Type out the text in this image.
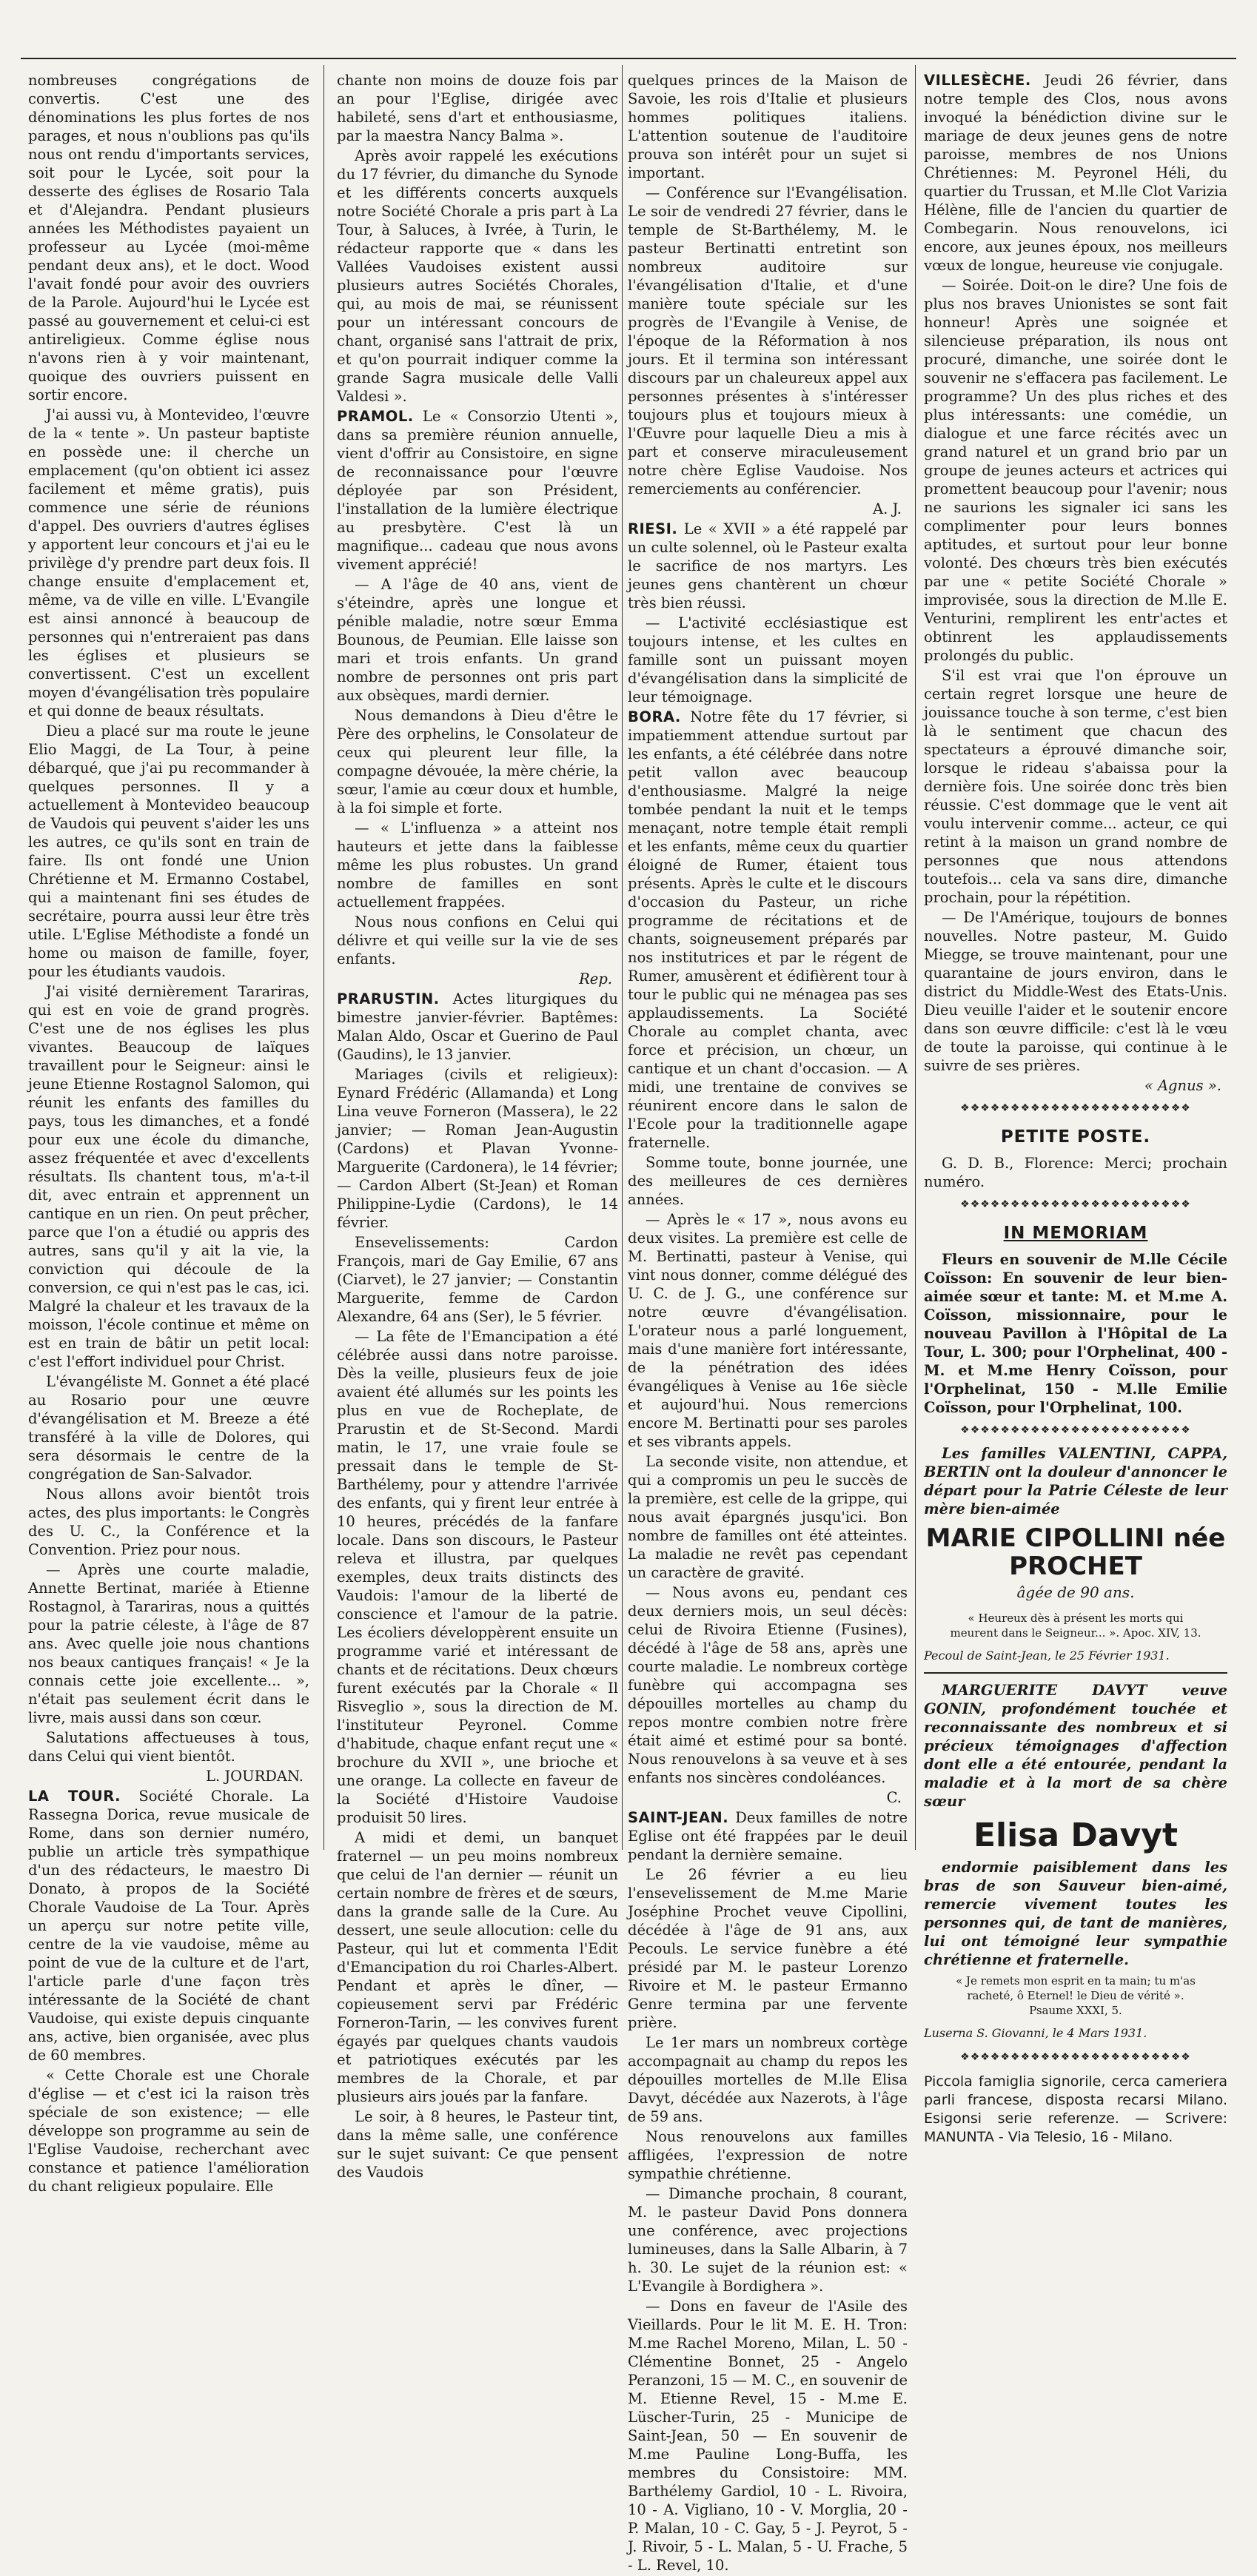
nombreuses congrégations de convertis. C'est une des dénominations les plus fortes de nos parages, et nous n'oublions pas qu'ils nous ont rendu d'importants services, soit pour le Lycée, soit pour la desserte des églises de Rosario Tala et d'Alejandra. Pendant plusieurs années les Méthodistes payaient un professeur au Lycée (moi-même pendant deux ans), et le doct. Wood l'avait fondé pour avoir des ouvriers de la Parole. Aujourd'hui le Lycée est passé au gouvernement et celui-ci est antireligieux. Comme église nous n'avons rien à y voir maintenant, quoique des ouvriers puissent en sortir encore.

J'ai aussi vu, à Montevideo, l'œuvre de la « tente ». Un pasteur baptiste en possède une: il cherche un emplacement (qu'on obtient ici assez facilement et même gratis), puis commence une série de réunions d'appel. Des ouvriers d'autres églises y apportent leur concours et j'ai eu le privilège d'y prendre part deux fois. Il change ensuite d'emplacement et, même, va de ville en ville. L'Evangile est ainsi annoncé à beaucoup de personnes qui n'entreraient pas dans les églises et plusieurs se convertissent. C'est un excellent moyen d'évangélisation très populaire et qui donne de beaux résultats.

Dieu a placé sur ma route le jeune Elio Maggi, de La Tour, à peine débarqué, que j'ai pu recommander à quelques personnes. Il y a actuellement à Montevideo beaucoup de Vaudois qui peuvent s'aider les uns les autres, ce qu'ils sont en train de faire. Ils ont fondé une Union Chrétienne et M. Ermanno Costabel, qui a maintenant fini ses études de secrétaire, pourra aussi leur être très utile. L'Eglise Méthodiste a fondé un home ou maison de famille, foyer, pour les étudiants vaudois.

J'ai visité dernièrement Tarariras, qui est en voie de grand progrès. C'est une de nos églises les plus vivantes. Beaucoup de laïques travaillent pour le Seigneur: ainsi le jeune Etienne Rostagnol Salomon, qui réunit les enfants des familles du pays, tous les dimanches, et a fondé pour eux une école du dimanche, assez fréquentée et avec d'excellents résultats. Ils chantent tous, m'a-t-il dit, avec entrain et apprennent un cantique en un rien. On peut prêcher, parce que l'on a étudié ou appris des autres, sans qu'il y ait la vie, la conviction qui découle de la conversion, ce qui n'est pas le cas, ici. Malgré la chaleur et les travaux de la moisson, l'école continue et même on est en train de bâtir un petit local: c'est l'effort individuel pour Christ.

L'évangéliste M. Gonnet a été placé au Rosario pour une œuvre d'évangélisation et M. Breeze a été transféré à la ville de Dolores, qui sera désormais le centre de la congrégation de San-Salvador.

Nous allons avoir bientôt trois actes, des plus importants: le Congrès des U. C., la Conférence et la Convention. Priez pour nous.

— Après une courte maladie, Annette Bertinat, mariée à Etienne Rostagnol, à Tarariras, nous a quittés pour la patrie céleste, à l'âge de 87 ans. Avec quelle joie nous chantions nos beaux cantiques français! « Je la connais cette joie excellente... », n'était pas seulement écrit dans le livre, mais aussi dans son cœur.

Salutations affectueuses à tous, dans Celui qui vient bientôt.

L. JOURDAN.

LA TOUR. Société Chorale. La Rassegna Dorica, revue musicale de Rome, dans son dernier numéro, publie un article très sympathique d'un des rédacteurs, le maestro Di Donato, à propos de la Société Chorale Vaudoise de La Tour. Après un aperçu sur notre petite ville, centre de la vie vaudoise, même au point de vue de la culture et de l'art, l'article parle d'une façon très intéressante de la Société de chant Vaudoise, qui existe depuis cinquante ans, active, bien organisée, avec plus de 60 membres.

« Cette Chorale est une Chorale d'église — et c'est ici la raison très spéciale de son existence; — elle développe son programme au sein de l'Eglise Vaudoise, recherchant avec constance et patience l'amélioration du chant religieux populaire. Elle

chante non moins de douze fois par an pour l'Eglise, dirigée avec habileté, sens d'art et enthousiasme, par la maestra Nancy Balma ».

Après avoir rappelé les exécutions du 17 février, du dimanche du Synode et les différents concerts auxquels notre Société Chorale a pris part à La Tour, à Saluces, à Ivrée, à Turin, le rédacteur rapporte que « dans les Vallées Vaudoises existent aussi plusieurs autres Sociétés Chorales, qui, au mois de mai, se réunissent pour un intéressant concours de chant, organisé sans l'attrait de prix, et qu'on pourrait indiquer comme la grande Sagra musicale delle Valli Valdesi ».

PRAMOL. Le « Consorzio Utenti », dans sa première réunion annuelle, vient d'offrir au Consistoire, en signe de reconnaissance pour l'œuvre déployée par son Président, l'installation de la lumière électrique au presbytère. C'est là un magnifique... cadeau que nous avons vivement apprécié!

— A l'âge de 40 ans, vient de s'éteindre, après une longue et pénible maladie, notre sœur Emma Bounous, de Peumian. Elle laisse son mari et trois enfants. Un grand nombre de personnes ont pris part aux obsèques, mardi dernier.

Nous demandons à Dieu d'être le Père des orphelins, le Consolateur de ceux qui pleurent leur fille, la compagne dévouée, la mère chérie, la sœur, l'amie au cœur doux et humble, à la foi simple et forte.

— « L'influenza » a atteint nos hauteurs et jette dans la faiblesse même les plus robustes. Un grand nombre de familles en sont actuellement frappées.

Nous nous confions en Celui qui délivre et qui veille sur la vie de ses enfants.

Rep.

PRARUSTIN. Actes liturgiques du bimestre janvier-février. Baptêmes: Malan Aldo, Oscar et Guerino de Paul (Gaudins), le 13 janvier.

Mariages (civils et religieux): Eynard Frédéric (Allamanda) et Long Lina veuve Forneron (Massera), le 22 janvier; — Roman Jean-Augustin (Cardons) et Plavan Yvonne-Marguerite (Cardonera), le 14 février; — Cardon Albert (St-Jean) et Roman Philippine-Lydie (Cardons), le 14 février.

Ensevelissements: Cardon François, mari de Gay Emilie, 67 ans (Ciarvet), le 27 janvier; — Constantin Marguerite, femme de Cardon Alexandre, 64 ans (Ser), le 5 février.

— La fête de l'Emancipation a été célébrée aussi dans notre paroisse. Dès la veille, plusieurs feux de joie avaient été allumés sur les points les plus en vue de Rocheplate, de Prarustin et de St-Second. Mardi matin, le 17, une vraie foule se pressait dans le temple de St-Barthélemy, pour y attendre l'arrivée des enfants, qui y firent leur entrée à 10 heures, précédés de la fanfare locale. Dans son discours, le Pasteur releva et illustra, par quelques exemples, deux traits distincts des Vaudois: l'amour de la liberté de conscience et l'amour de la patrie. Les écoliers développèrent ensuite un programme varié et intéressant de chants et de récitations. Deux chœurs furent exécutés par la Chorale « Il Risveglio », sous la direction de M. l'instituteur Peyronel. Comme d'habitude, chaque enfant reçut une « brochure du XVII », une brioche et une orange. La collecte en faveur de la Société d'Histoire Vaudoise produisit 50 lires.

A midi et demi, un banquet fraternel — un peu moins nombreux que celui de l'an dernier — réunit un certain nombre de frères et de sœurs, dans la grande salle de la Cure. Au dessert, une seule allocution: celle du Pasteur, qui lut et commenta l'Edit d'Emancipation du roi Charles-Albert. Pendant et après le dîner, — copieusement servi par Frédéric Forneron-Tarin, — les convives furent égayés par quelques chants vaudois et patriotiques exécutés par les membres de la Chorale, et par plusieurs airs joués par la fanfare.

Le soir, à 8 heures, le Pasteur tint, dans la même salle, une conférence sur le sujet suivant: Ce que pensent des Vaudois

quelques princes de la Maison de Savoie, les rois d'Italie et plusieurs hommes politiques italiens. L'attention soutenue de l'auditoire prouva son intérêt pour un sujet si important.

— Conférence sur l'Evangélisation. Le soir de vendredi 27 février, dans le temple de St-Barthélemy, M. le pasteur Bertinatti entretint son nombreux auditoire sur l'évangélisation d'Italie, et d'une manière toute spéciale sur les progrès de l'Evangile à Venise, de l'époque de la Réformation à nos jours. Et il termina son intéressant discours par un chaleureux appel aux personnes présentes à s'intéresser toujours plus et toujours mieux à l'Œuvre pour laquelle Dieu a mis à part et conserve miraculeusement notre chère Eglise Vaudoise. Nos remerciements au conférencier.

A. J.

RIESI. Le « XVII » a été rappelé par un culte solennel, où le Pasteur exalta le sacrifice de nos martyrs. Les jeunes gens chantèrent un chœur très bien réussi.

— L'activité ecclésiastique est toujours intense, et les cultes en famille sont un puissant moyen d'évangélisation dans la simplicité de leur témoignage.

BORA. Notre fête du 17 février, si impatiemment attendue surtout par les enfants, a été célébrée dans notre petit vallon avec beaucoup d'enthousiasme. Malgré la neige tombée pendant la nuit et le temps menaçant, notre temple était rempli et les enfants, même ceux du quartier éloigné de Rumer, étaient tous présents. Après le culte et le discours d'occasion du Pasteur, un riche programme de récitations et de chants, soigneusement préparés par nos institutrices et par le régent de Rumer, amusèrent et édifièrent tour à tour le public qui ne ménagea pas ses applaudissements. La Société Chorale au complet chanta, avec force et précision, un chœur, un cantique et un chant d'occasion. — A midi, une trentaine de convives se réunirent encore dans le salon de l'Ecole pour la traditionnelle agape fraternelle.

Somme toute, bonne journée, une des meilleures de ces dernières années.

— Après le « 17 », nous avons eu deux visites. La première est celle de M. Bertinatti, pasteur à Venise, qui vint nous donner, comme délégué des U. C. de J. G., une conférence sur notre œuvre d'évangélisation. L'orateur nous a parlé longuement, mais d'une manière fort intéressante, de la pénétration des idées évangéliques à Venise au 16e siècle et aujourd'hui. Nous remercions encore M. Bertinatti pour ses paroles et ses vibrants appels.

La seconde visite, non attendue, et qui a compromis un peu le succès de la première, est celle de la grippe, qui nous avait épargnés jusqu'ici. Bon nombre de familles ont été atteintes. La maladie ne revêt pas cependant un caractère de gravité.

— Nous avons eu, pendant ces deux derniers mois, un seul décès: celui de Rivoira Etienne (Fusines), décédé à l'âge de 58 ans, après une courte maladie. Le nombreux cortège funèbre qui accompagna ses dépouilles mortelles au champ du repos montre combien notre frère était aimé et estimé pour sa bonté. Nous renouvelons à sa veuve et à ses enfants nos sincères condoléances.

C.

SAINT-JEAN. Deux familles de notre Eglise ont été frappées par le deuil pendant la dernière semaine.

Le 26 février a eu lieu l'ensevelissement de M.me Marie Joséphine Prochet veuve Cipollini, décédée à l'âge de 91 ans, aux Pecouls. Le service funèbre a été présidé par M. le pasteur Lorenzo Rivoire et M. le pasteur Ermanno Genre termina par une fervente prière.

Le 1er mars un nombreux cortège accompagnait au champ du repos les dépouilles mortelles de M.lle Elisa Davyt, décédée aux Nazerots, à l'âge de 59 ans.

Nous renouvelons aux familles affligées, l'expression de notre sympathie chrétienne.

— Dimanche prochain, 8 courant, M. le pasteur David Pons donnera une conférence, avec projections lumineuses, dans la Salle Albarin, à 7 h. 30. Le sujet de la réunion est: « L'Evangile à Bordighera ».

— Dons en faveur de l'Asile des Vieillards. Pour le lit M. E. H. Tron: M.me Rachel Moreno, Milan, L. 50 - Clémentine Bonnet, 25 - Angelo Peranzoni, 15 — M. C., en souvenir de M. Etienne Revel, 15 - M.me E. Lüscher-Turin, 25 - Municipe de Saint-Jean, 50 — En souvenir de M.me Pauline Long-Buffa, les membres du Consistoire: MM. Barthélemy Gardiol, 10 - L. Rivoira, 10 - A. Vigliano, 10 - V. Morglia, 20 - P. Malan, 10 - C. Gay, 5 - J. Peyrot, 5 - J. Rivoir, 5 - L. Malan, 5 - U. Frache, 5 - L. Revel, 10.

VILLESÈCHE. Jeudi 26 février, dans notre temple des Clos, nous avons invoqué la bénédiction divine sur le mariage de deux jeunes gens de notre paroisse, membres de nos Unions Chrétiennes: M. Peyronel Héli, du quartier du Trussan, et M.lle Clot Varizia Hélène, fille de l'ancien du quartier de Combegarin. Nous renouvelons, ici encore, aux jeunes époux, nos meilleurs vœux de longue, heureuse vie conjugale.

— Soirée. Doit-on le dire? Une fois de plus nos braves Unionistes se sont fait honneur! Après une soignée et silencieuse préparation, ils nous ont procuré, dimanche, une soirée dont le souvenir ne s'effacera pas facilement. Le programme? Un des plus riches et des plus intéressants: une comédie, un dialogue et une farce récités avec un grand naturel et un grand brio par un groupe de jeunes acteurs et actrices qui promettent beaucoup pour l'avenir; nous ne saurions les signaler ici sans les complimenter pour leurs bonnes aptitudes, et surtout pour leur bonne volonté. Des chœurs très bien exécutés par une « petite Société Chorale » improvisée, sous la direction de M.lle E. Venturini, remplirent les entr'actes et obtinrent les applaudissements prolongés du public.

S'il est vrai que l'on éprouve un certain regret lorsque une heure de jouissance touche à son terme, c'est bien là le sentiment que chacun des spectateurs a éprouvé dimanche soir, lorsque le rideau s'abaissa pour la dernière fois. Une soirée donc très bien réussie. C'est dommage que le vent ait voulu intervenir comme... acteur, ce qui retint à la maison un grand nombre de personnes que nous attendons toutefois... cela va sans dire, dimanche prochain, pour la répétition.

— De l'Amérique, toujours de bonnes nouvelles. Notre pasteur, M. Guido Miegge, se trouve maintenant, pour une quarantaine de jours environ, dans le district du Middle-West des Etats-Unis. Dieu veuille l'aider et le soutenir encore dans son œuvre difficile: c'est là le vœu de toute la paroisse, qui continue à le suivre de ses prières.

« Agnus ».

❖❖❖❖❖❖❖❖❖❖❖❖❖❖❖❖❖❖❖❖❖❖❖
PETITE POSTE.

G. D. B., Florence: Merci; prochain numéro.

❖❖❖❖❖❖❖❖❖❖❖❖❖❖❖❖❖❖❖❖❖❖❖
IN MEMORIAM

Fleurs en souvenir de M.lle Cécile Coïsson: En souvenir de leur bien-aimée sœur et tante: M. et M.me A. Coïsson, missionnaire, pour le nouveau Pavillon à l'Hôpital de La Tour, L. 300; pour l'Orphelinat, 400 - M. et M.me Henry Coïsson, pour l'Orphelinat, 150 - M.lle Emilie Coïsson, pour l'Orphelinat, 100.

❖❖❖❖❖❖❖❖❖❖❖❖❖❖❖❖❖❖❖❖❖❖❖

Les familles VALENTINI, CAPPA, BERTIN ont la douleur d'annoncer le départ pour la Patrie Céleste de leur mère bien-aimée

MARIE CIPOLLINI née PROCHET
âgée de 90 ans.
« Heureux dès à présent les morts qui meurent dans le Seigneur... ». Apoc. XIV, 13.

Pecoul de Saint-Jean, le 25 Février 1931.

MARGUERITE DAVYT veuve GONIN, profondément touchée et reconnaissante des nombreux et si précieux témoignages d'affection dont elle a été entourée, pendant la maladie et à la mort de sa chère sœur

Elisa Davyt

endormie paisiblement dans les bras de son Sauveur bien-aimé, remercie vivement toutes les personnes qui, de tant de manières, lui ont témoigné leur sympathie chrétienne et fraternelle.

« Je remets mon esprit en ta main; tu m'as racheté, ô Eternel! le Dieu de vérité ». Psaume XXXI, 5.

Luserna S. Giovanni, le 4 Mars 1931.

❖❖❖❖❖❖❖❖❖❖❖❖❖❖❖❖❖❖❖❖❖❖❖

Piccola famiglia signorile, cerca cameriera parli francese, disposta recarsi Milano. Esigonsi serie referenze. — Scrivere: MANUNTA - Via Telesio, 16 - Milano.
